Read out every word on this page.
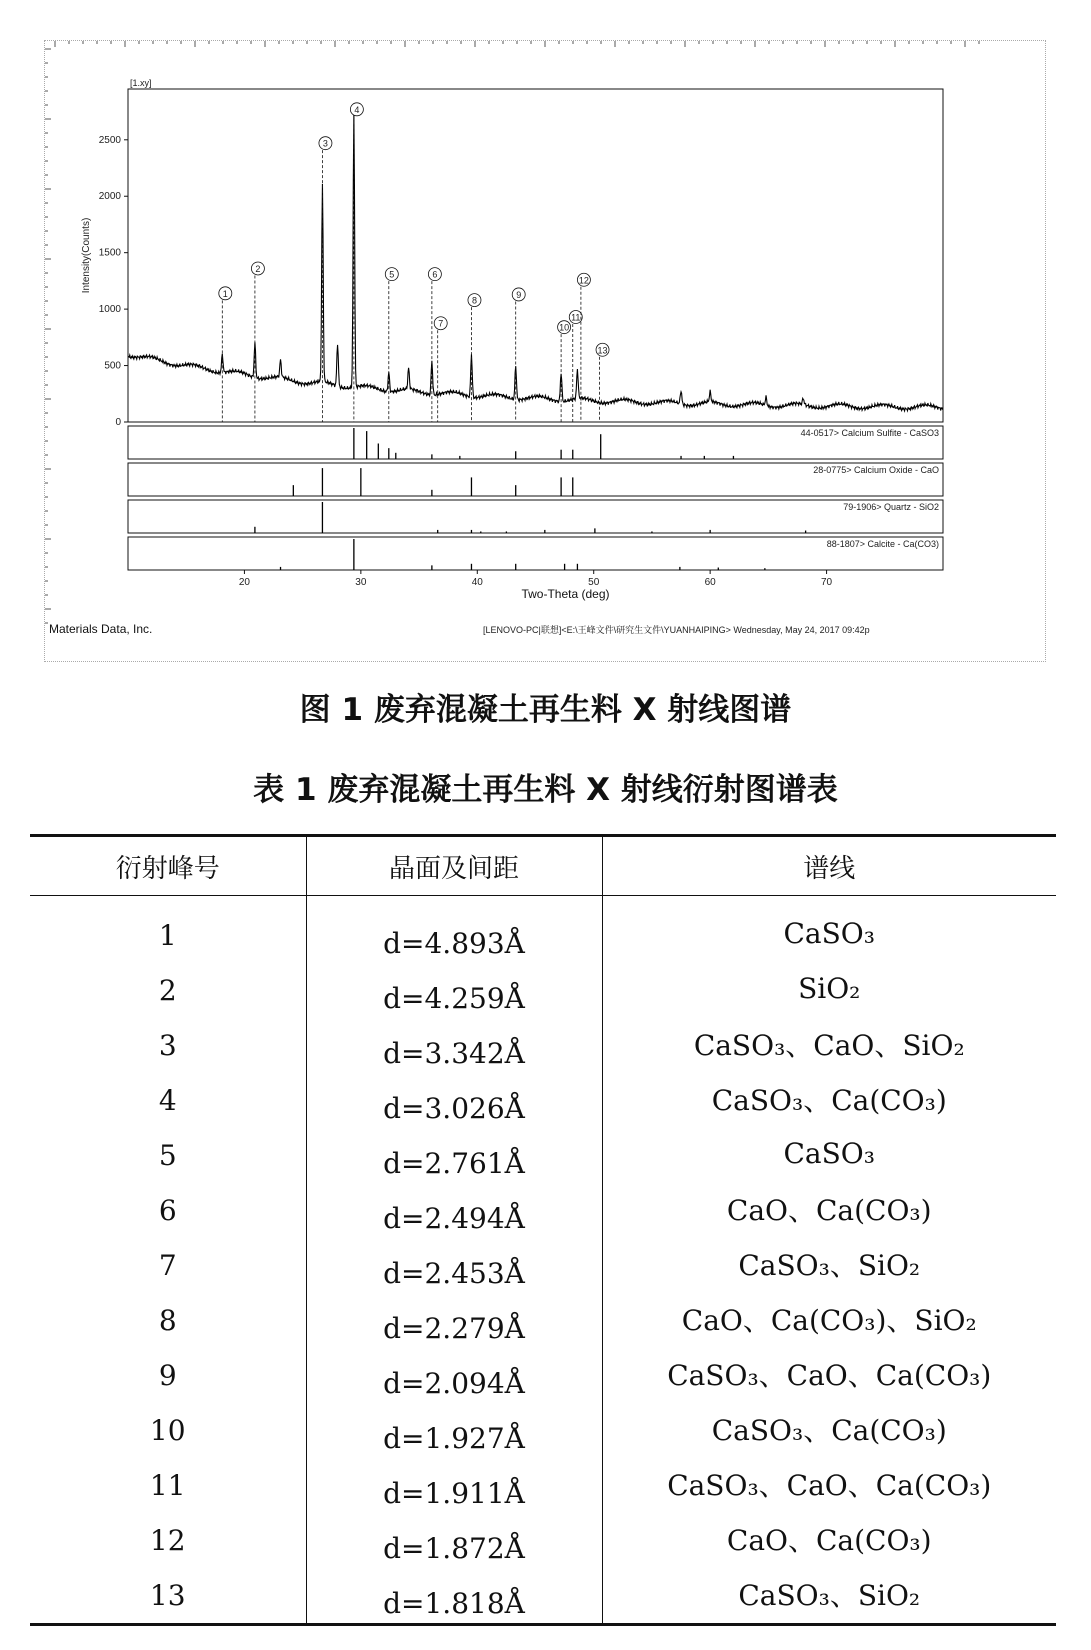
[1.xy]
0
500
1000
1500
2000
2500
Intensity(Counts)
1
2
3
4
5	6
7
8
9
10
11
12
13
44-0517> Calcium Sulfite - CaSO3
28-0775> Calcium Oxide - CaO
79-1906> Quartz - SiO2
88-1807> Calcite - Ca(CO3)
20	30	40	50	60	70
Two-Theta (deg)
Materials Data, Inc.	[LENOVO-PC|联想]<E:\王峰文件\研究生文件\YUANHAIPING> Wednesday, May 24, 2017 09:42p
图 1 废弃混凝土再生料 X 射线图谱
表 1 废弃混凝土再生料 X 射线衍射图谱表
衍射峰号	晶面及间距	谱线
1	d=4.893Å	CaSO₃
2	d=4.259Å	SiO₂
3	d=3.342Å	CaSO₃、CaO、SiO₂
4	d=3.026Å	CaSO₃、Ca(CO₃)
5	d=2.761Å	CaSO₃
6	d=2.494Å	CaO、Ca(CO₃)
7	d=2.453Å	CaSO₃、SiO₂
8	d=2.279Å	CaO、Ca(CO₃)、SiO₂
9	d=2.094Å	CaSO₃、CaO、Ca(CO₃)
10	d=1.927Å	CaSO₃、Ca(CO₃)
11	d=1.911Å	CaSO₃、CaO、Ca(CO₃)
12	d=1.872Å	CaO、Ca(CO₃)
13	d=1.818Å	CaSO₃、SiO₂
